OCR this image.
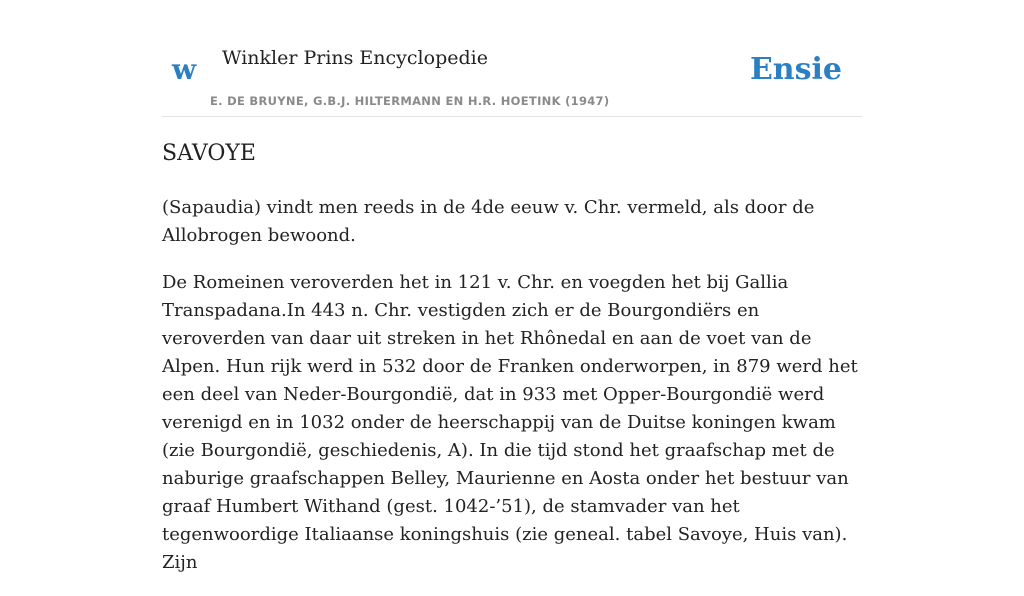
w Winkler Prins Encyclopedie
E. DE BRUYNE, G.B.J. HILTERMANN EN H.R. HOETINK (1947)
Ensie
SAVOYE

(Sapaudia) vindt men reeds in de 4de eeuw v. Chr. vermeld, als door de Allobrogen bewoond.

De Romeinen veroverden het in 121 v. Chr. en voegden het bij Gallia Transpadana.In 443 n. Chr. vestigden zich er de Bourgondiërs en veroverden van daar uit streken in het Rhônedal en aan de voet van de Alpen. Hun rijk werd in 532 door de Franken onderworpen, in 879 werd het een deel van Neder-Bourgondië, dat in 933 met Opper-Bourgondië werd verenigd en in 1032 onder de heerschappij van de Duitse koningen kwam (zie Bourgondië, geschiedenis, A). In die tijd stond het graafschap met de naburige graafschappen Belley, Maurienne en Aosta onder het bestuur van graaf Humbert Withand (gest. 1042-’51), de stamvader van het tegenwoordige Italiaanse koningshuis (zie geneal. tabel Savoye, Huis van). Zijn
